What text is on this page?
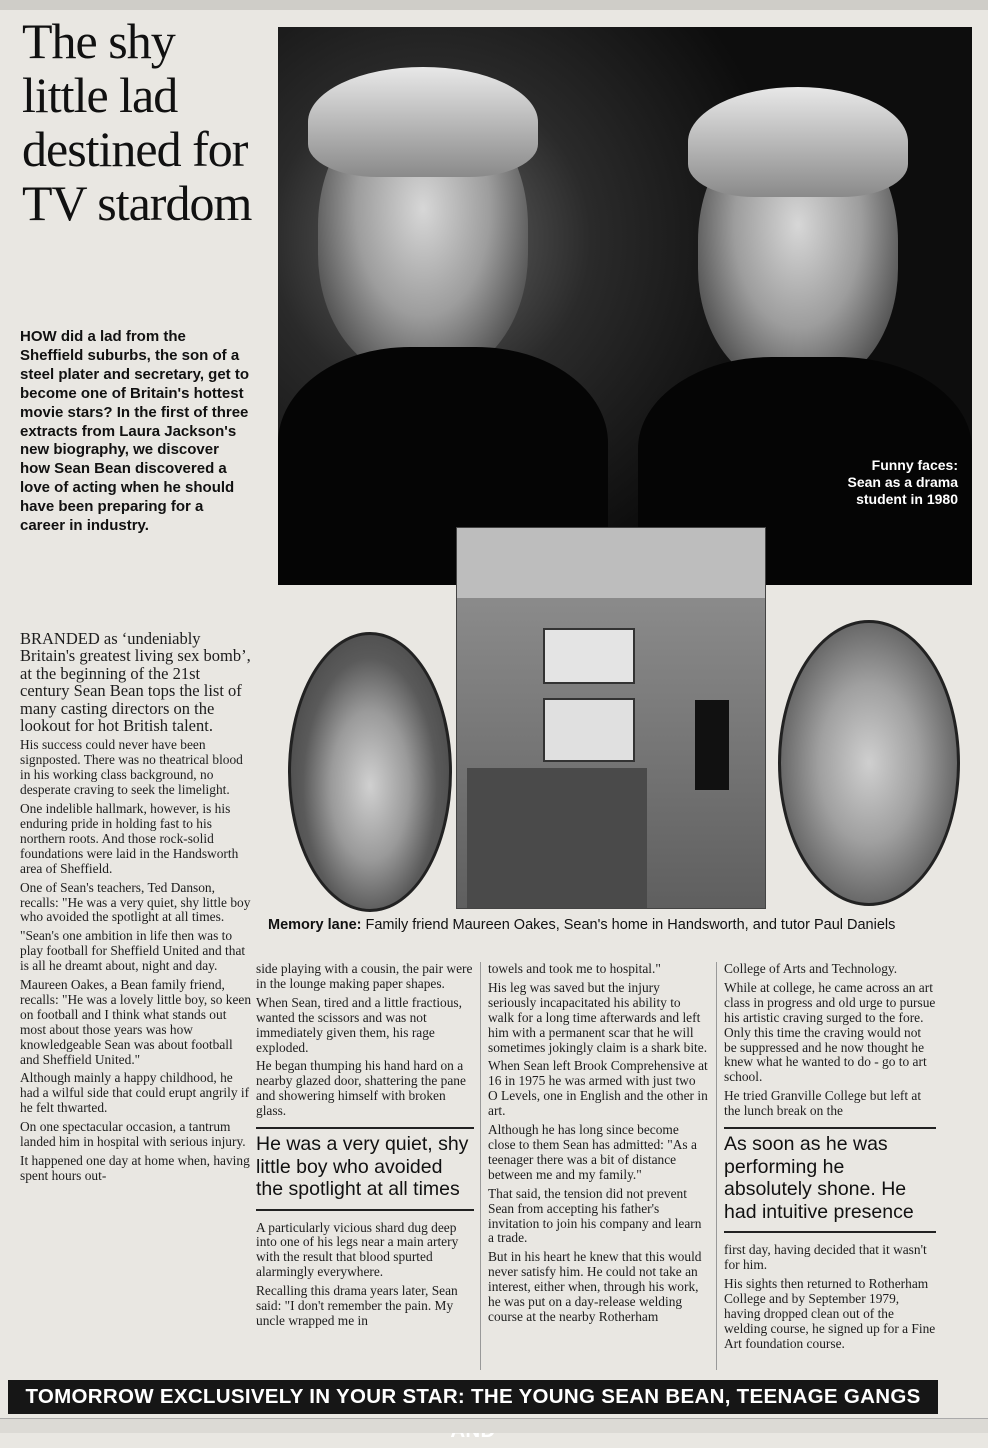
The shy little lad destined for TV stardom
HOW did a lad from the Sheffield suburbs, the son of a steel plater and secretary, get to become one of Britain's hottest movie stars? In the first of three extracts from Laura Jackson's new biography, we discover how Sean Bean discovered a love of acting when he should have been preparing for a career in industry.
Funny faces: Sean as a drama student in 1980
Memory lane: Family friend Maureen Oakes, Sean's home in Handsworth, and tutor Paul Daniels

BRANDED as ‘undeniably Britain's greatest living sex bomb’, at the beginning of the 21st century Sean Bean tops the list of many casting directors on the lookout for hot British talent.

His success could never have been signposted. There was no theatrical blood in his working class background, no desperate craving to seek the limelight.

One indelible hallmark, however, is his enduring pride in holding fast to his northern roots. And those rock-solid foundations were laid in the Handsworth area of Sheffield.

One of Sean's teachers, Ted Danson, recalls: "He was a very quiet, shy little boy who avoided the spotlight at all times.

"Sean's one ambition in life then was to play football for Sheffield United and that is all he dreamt about, night and day.

Maureen Oakes, a Bean family friend, recalls: "He was a lovely little boy, so keen on football and I think what stands out most about those years was how knowledgeable Sean was about football and Sheffield United."

Although mainly a happy childhood, he had a wilful side that could erupt angrily if he felt thwarted.

On one spectacular occasion, a tantrum landed him in hospital with serious injury.

It happened one day at home when, having spent hours out-

side playing with a cousin, the pair were in the lounge making paper shapes.

When Sean, tired and a little fractious, wanted the scissors and was not immediately given them, his rage exploded.

He began thumping his hand hard on a nearby glazed door, shattering the pane and showering himself with broken glass.

He was a very quiet, shy little boy who avoided the spotlight at all times

A particularly vicious shard dug deep into one of his legs near a main artery with the result that blood spurted alarmingly everywhere.

Recalling this drama years later, Sean said: "I don't remember the pain. My uncle wrapped me in

towels and took me to hospital."

His leg was saved but the injury seriously incapacitated his ability to walk for a long time afterwards and left him with a permanent scar that he will sometimes jokingly claim is a shark bite.

When Sean left Brook Comprehensive at 16 in 1975 he was armed with just two O Levels, one in English and the other in art.

Although he has long since become close to them Sean has admitted: "As a teenager there was a bit of distance between me and my family."

That said, the tension did not prevent Sean from accepting his father's invitation to join his company and learn a trade.

But in his heart he knew that this would never satisfy him. He could not take an interest, either when, through his work, he was put on a day-release welding course at the nearby Rotherham

College of Arts and Technology.

While at college, he came across an art class in progress and old urge to pursue his artistic craving surged to the fore. Only this time the craving would not be suppressed and he now thought he knew what he wanted to do - go to art school.

He tried Granville College but left at the lunch break on the

As soon as he was performing he absolutely shone. He had intuitive presence

first day, having decided that it wasn't for him.

His sights then returned to Rotherham College and by September 1979, having dropped clean out of the welding course, he signed up for a Fine Art foundation course.

TOMORROW EXCLUSIVELY IN YOUR STAR: THE YOUNG SEAN BEAN, TEENAGE GANGS
